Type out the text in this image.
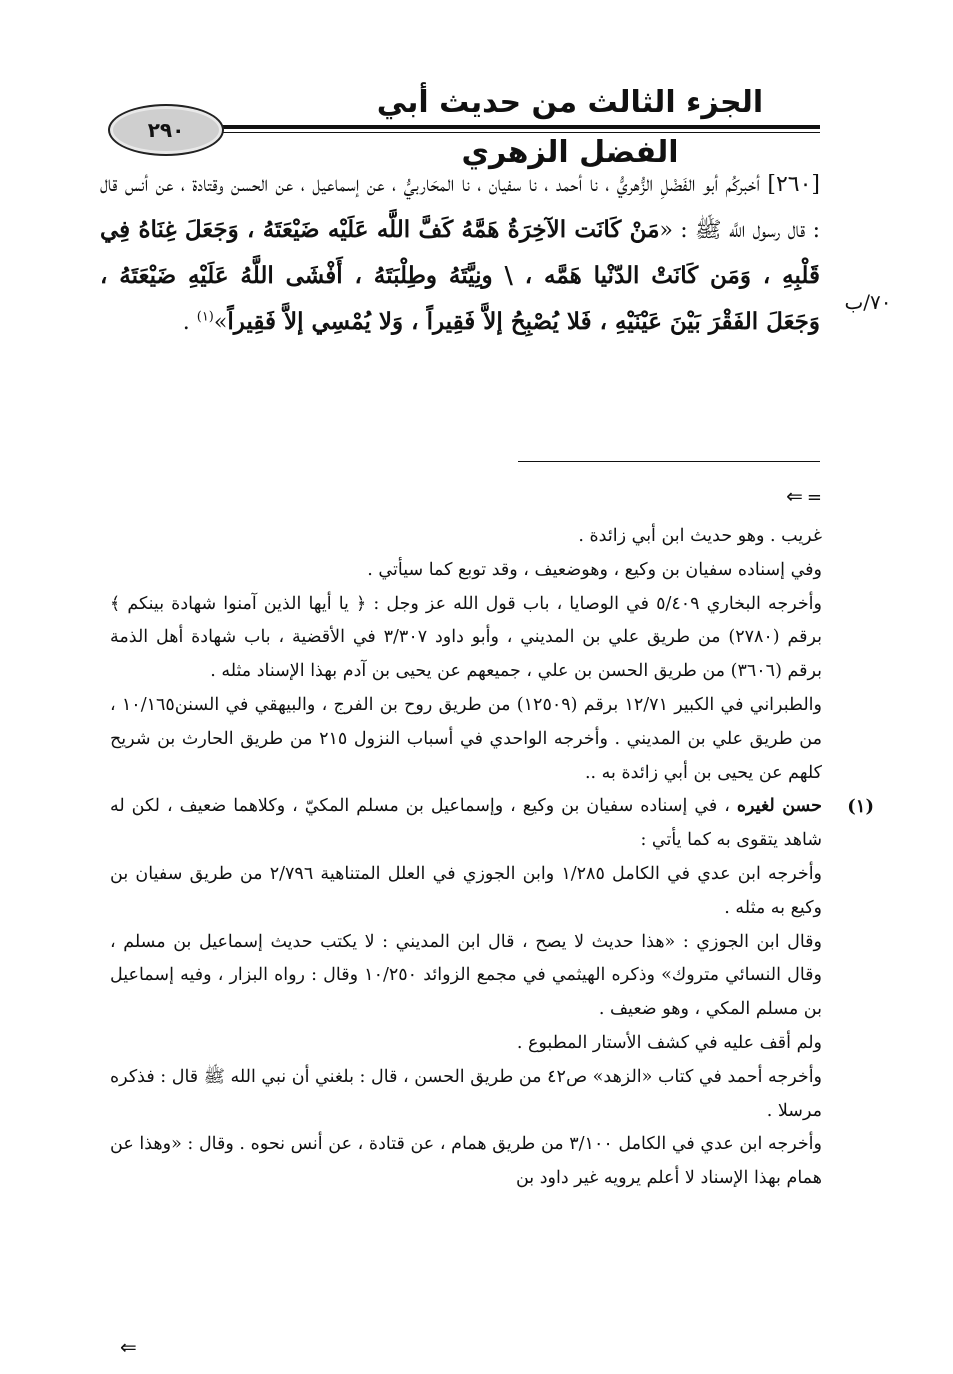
الجزء الثالث من حديث أبي الفضل الزهري
٢٩٠
[٢٦٠] أخبركُم أبو الفَضْلِ الزُّهريُّ ، نا أحمد ، نا سفيان ، نا المحَاربيُّ ، عن إسماعيل ، عن الحسن وقتادة ، عن أنس قال : قال رسول اللَّه ﷺ : «مَنْ كَانَت الآخِرَةُ هَمَّهُ كَفَّ اللَّه عَلَيْه ضَيْعَتَهُ ، وَجَعَلَ غِنَاهُ فِي قَلْبِهِ ، وَمَن كَانَتْ الدّنْيا هَمَّه ، \ ونِيَّتَهُ وطِلْبَتَهُ ، أَفْشَى اللَّهُ عَلَيْهِ ضَيْعَتَهُ ، وَجَعَلَ الفَقْرَ بَيْنَ عَيْنَيْهِ ، فَلا يُصْبِحُ إلاَّ فَقِيراً ، وَلا يُمْسِي إلاَّ فَقِيراً»$^{(١)}$ .
٧٠/ب
=⇐

غريب . وهو حديث ابن أبي زائدة .

وفي إسناده سفيان بن وكيع ، وهوضعيف ، وقد توبع كما سيأتي .

وأخرجه البخاري ٥/٤٠٩ في الوصايا ، باب قول الله عز وجل : ﴿ يا أيها الذين آمنوا شهادة بينكم ﴾ برقم (٢٧٨٠) من طريق علي بن المديني ، وأبو داود ٣/٣٠٧ في الأقضية ، باب شهادة أهل الذمة برقم (٣٦٠٦) من طريق الحسن بن علي ، جميعهم عن يحيى بن آدم بهذا الإسناد مثله .

والطبراني في الكبير ١٢/٧١ برقم (١٢٥٠٩) من طريق روح بن الفرج ، والبيهقي في السنن١٠/١٦٥ ، من طريق علي بن المديني . وأخرجه الواحدي في أسباب النزول ٢١٥ من طريق الحارث بن شريح كلهم عن يحيى بن أبي زائدة به ..

(١)
حسن لغيره ، في إسناده سفيان بن وكيع ، وإسماعيل بن مسلم المكيّ ، وكلاهما ضعيف ، لكن له شاهد يتقوى به كما يأتي :

وأخرجه ابن عدي في الكامل ١/٢٨٥ وابن الجوزي في العلل المتناهية ٢/٧٩٦ من طريق سفيان بن وكيع به مثله .

وقال ابن الجوزي : «هذا حديث لا يصح ، قال ابن المديني : لا يكتب حديث إسماعيل بن مسلم ، وقال النسائي متروك» وذكره الهيثمي في مجمع الزوائد ١٠/٢٥٠ وقال : رواه البزار ، وفيه إسماعيل بن مسلم المكي ، وهو ضعيف .

ولم أقف عليه في كشف الأستار المطبوع .

وأخرجه أحمد في كتاب «الزهد» ص٤٢ من طريق الحسن ، قال : بلغني أن نبي الله ﷺ قال : فذكره مرسلا .

وأخرجه ابن عدي في الكامل ٣/١٠٠ من طريق همام ، عن قتادة ، عن أنس نحوه . وقال : «وهذا عن همام بهذا الإسناد لا أعلم يرويه غير داود بن

⇐
